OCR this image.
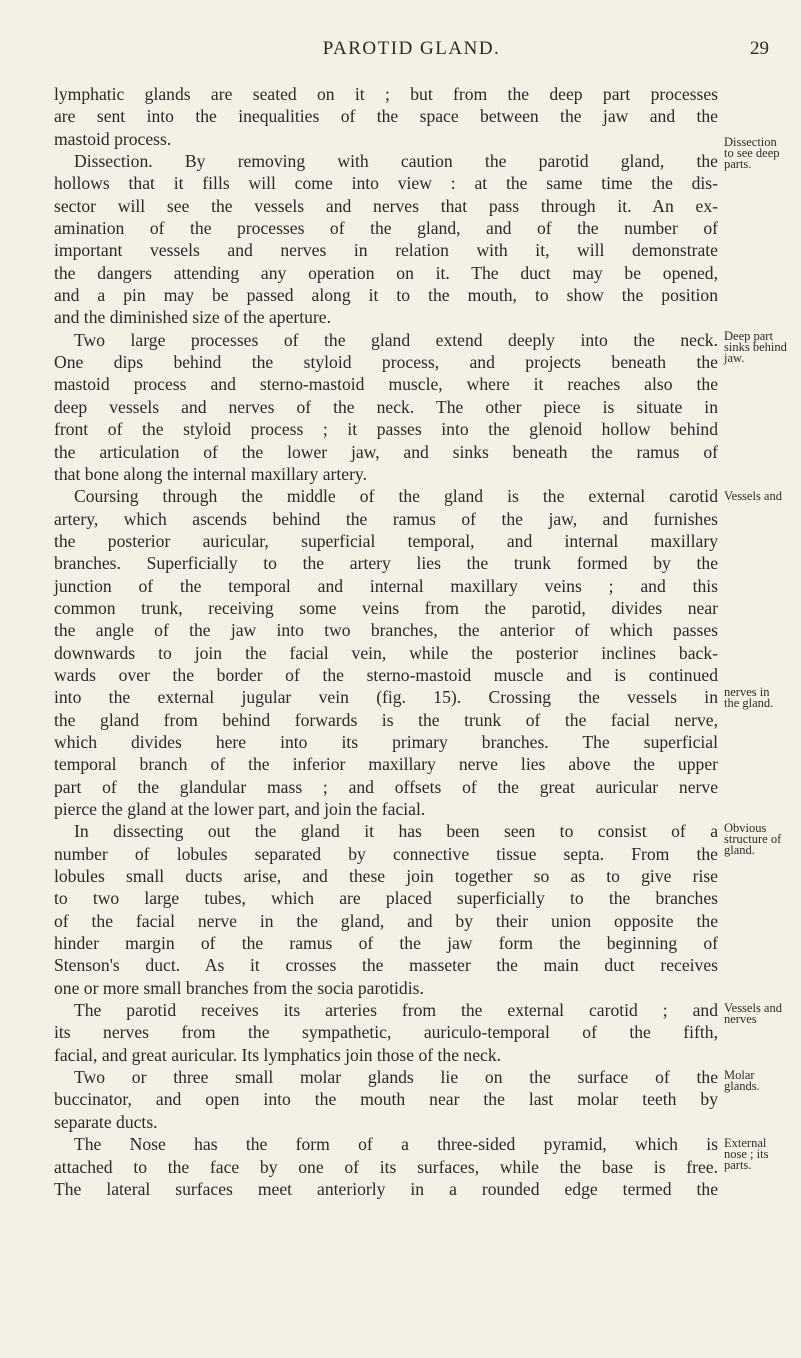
PAROTID GLAND.	29
lymphatic glands are seated on it ; but from the deep part processes
are sent into the inequalities of the space between the jaw and the
mastoid process.
Dissection. By removing with caution the parotid gland, the
hollows that it fills will come into view : at the same time the dis-
sector will see the vessels and nerves that pass through it. An ex-
amination of the processes of the gland, and of the number of
important vessels and nerves in relation with it, will demonstrate
the dangers attending any operation on it. The duct may be opened,
and a pin may be passed along it to the mouth, to show the position
and the diminished size of the aperture.
Two large processes of the gland extend deeply into the neck.
One dips behind the styloid process, and projects beneath the
mastoid process and sterno-mastoid muscle, where it reaches also the
deep vessels and nerves of the neck. The other piece is situate in
front of the styloid process ; it passes into the glenoid hollow behind
the articulation of the lower jaw, and sinks beneath the ramus of
that bone along the internal maxillary artery.
Coursing through the middle of the gland is the external carotid
artery, which ascends behind the ramus of the jaw, and furnishes
the posterior auricular, superficial temporal, and internal maxillary
branches. Superficially to the artery lies the trunk formed by the
junction of the temporal and internal maxillary veins ; and this
common trunk, receiving some veins from the parotid, divides near
the angle of the jaw into two branches, the anterior of which passes
downwards to join the facial vein, while the posterior inclines back-
wards over the border of the sterno-mastoid muscle and is continued
into the external jugular vein (fig. 15). Crossing the vessels in
the gland from behind forwards is the trunk of the facial nerve,
which divides here into its primary branches. The superficial
temporal branch of the inferior maxillary nerve lies above the upper
part of the glandular mass ; and offsets of the great auricular nerve
pierce the gland at the lower part, and join the facial.
In dissecting out the gland it has been seen to consist of a
number of lobules separated by connective tissue septa. From the
lobules small ducts arise, and these join together so as to give rise
to two large tubes, which are placed superficially to the branches
of the facial nerve in the gland, and by their union opposite the
hinder margin of the ramus of the jaw form the beginning of
Stenson's duct. As it crosses the masseter the main duct receives
one or more small branches from the socia parotidis.
The parotid receives its arteries from the external carotid ; and
its nerves from the sympathetic, auriculo-temporal of the fifth,
facial, and great auricular. Its lymphatics join those of the neck.
Two or three small molar glands lie on the surface of the
buccinator, and open into the mouth near the last molar teeth by
separate ducts.
The Nose has the form of a three-sided pyramid, which is
attached to the face by one of its surfaces, while the base is free.
The lateral surfaces meet anteriorly in a rounded edge termed the
Dissection
to see deep
parts.
Deep part
sinks behind
jaw.
Vessels and
nerves in
the gland.
Obvious
structure of
gland.
Vessels and
nerves
Molar
glands.
External
nose ; its
parts.
